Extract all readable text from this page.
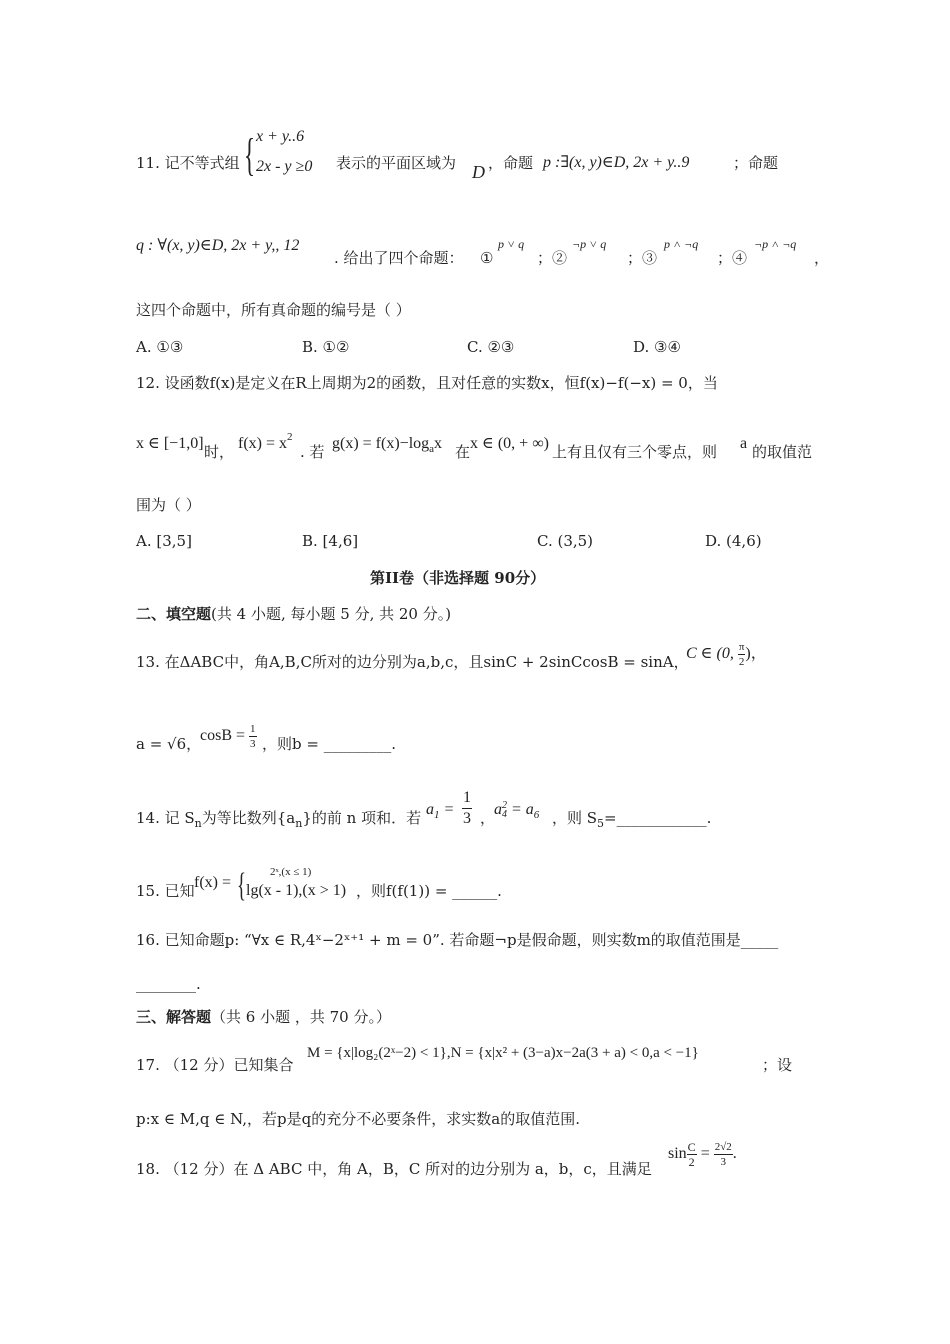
11. 记不等式组 { x + y..6
2x - y ≥0 表示的平面区域为 D ，命题 p :∃(x, y)∈D, 2x + y..9	；命题
q : ∀(x, y)∈D, 2x + y,, 12
. 给出了四个命题： ①
p ˅ q
；②
¬p ˅ q
；③
p ˄ ¬q
；④
¬p ˄ ¬q
，
这四个命题中，所有真命题的编号是（ ）
A. ①③	B. ①②	C. ②③	D. ③④
12. 设函数f(x)是定义在R上周期为2的函数，且对任意的实数x，恒f(x)−f(−x) = 0，当
x ∈ [−1,0] 时， $f(x) = x^2$
. 若 $g(x) = f(x)-\log_ax$ 在 x ∈ (0, + ∞) 上有且仅有三个零点，则 a 的取值范
围为（ ）
A. [3,5]	B. [4,6]	C. (3,5)	D. (4,6)
第II卷（非选择题 90分）
二、填空题(共 4 小题, 每小题 5 分, 共 20 分。)
13. 在ΔABC中，角A,B,C所对的边分别为a,b,c，且sinC + 2sinCcosB = sinA，
C ∈ (0, $\frac{\pi}{2}$ )，
a = √6，
$\cos B = \frac{1}{3}$ ，则b = _________.
14. 记 $S_n$为等比数列$\{a_n\}$的前 n 项和．若 $a_1 = \frac{1}{3}$ ，
a 2
$4 = a_6$ ，则 $S_5=\_\_\_\_\_\_\_\_\_\_\_\_$.
15. 已知 f(x) = { 2ˣ,(x ≤ 1)
lg(x - 1),(x > 1) ，则f(f(1)) = ______.
16. 已知命题p: “∀x ∈ R,4ˣ−2ˣ⁺¹ + m = 0”. 若命题¬p是假命题，则实数m的取值范围是_____
________.
三、解答题（共 6 小题 ，共 70 分。）
17. （12 分）已知集合
M = {x|log₂(2ˣ−2) < 1},N = {x|x² + (3−a)x−2a(3 + a) < 0,a < −1}
；设
p:x ∈ M,q ∈ N,，若p是q的充分不必要条件，求实数a的取值范围.
18. （12 分）在 Δ ABC 中，角 A，B，C 所对的边分别为 a，b，c，且满足
$\sin \frac{C}{2} = \frac{2√2}{3}$ .
